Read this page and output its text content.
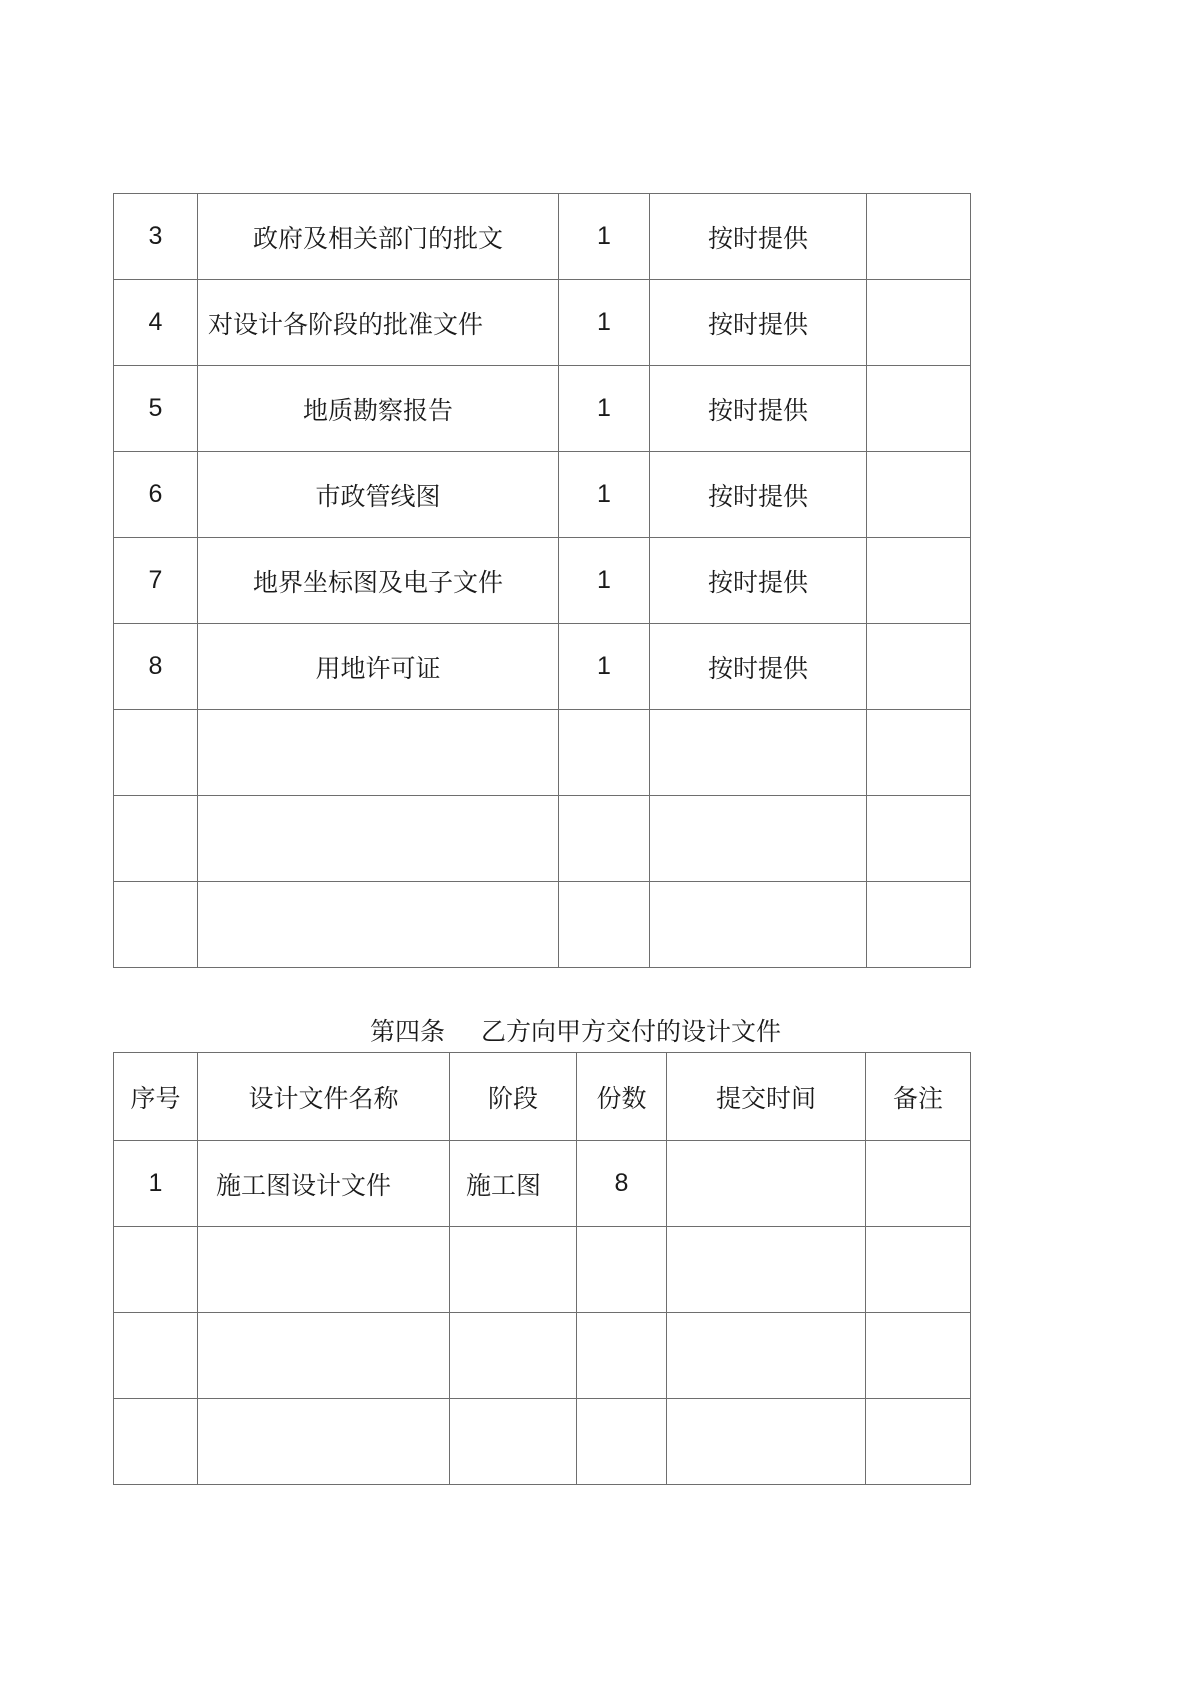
3	政府及相关部门的批文	1	按时提供	
4	对设计各阶段的批准文件	1	按时提供	
5	地质勘察报告	1	按时提供	
6	巿政管线图	1	按时提供	
7	地界坐标图及电子文件	1	按时提供	
8	用地许可证	1	按时提供	

第四条 乙方向甲方交付的设计文件
序号	设计文件名称	阶段	份数	提交时间	备注
1	施工图设计文件	施工图	8		
